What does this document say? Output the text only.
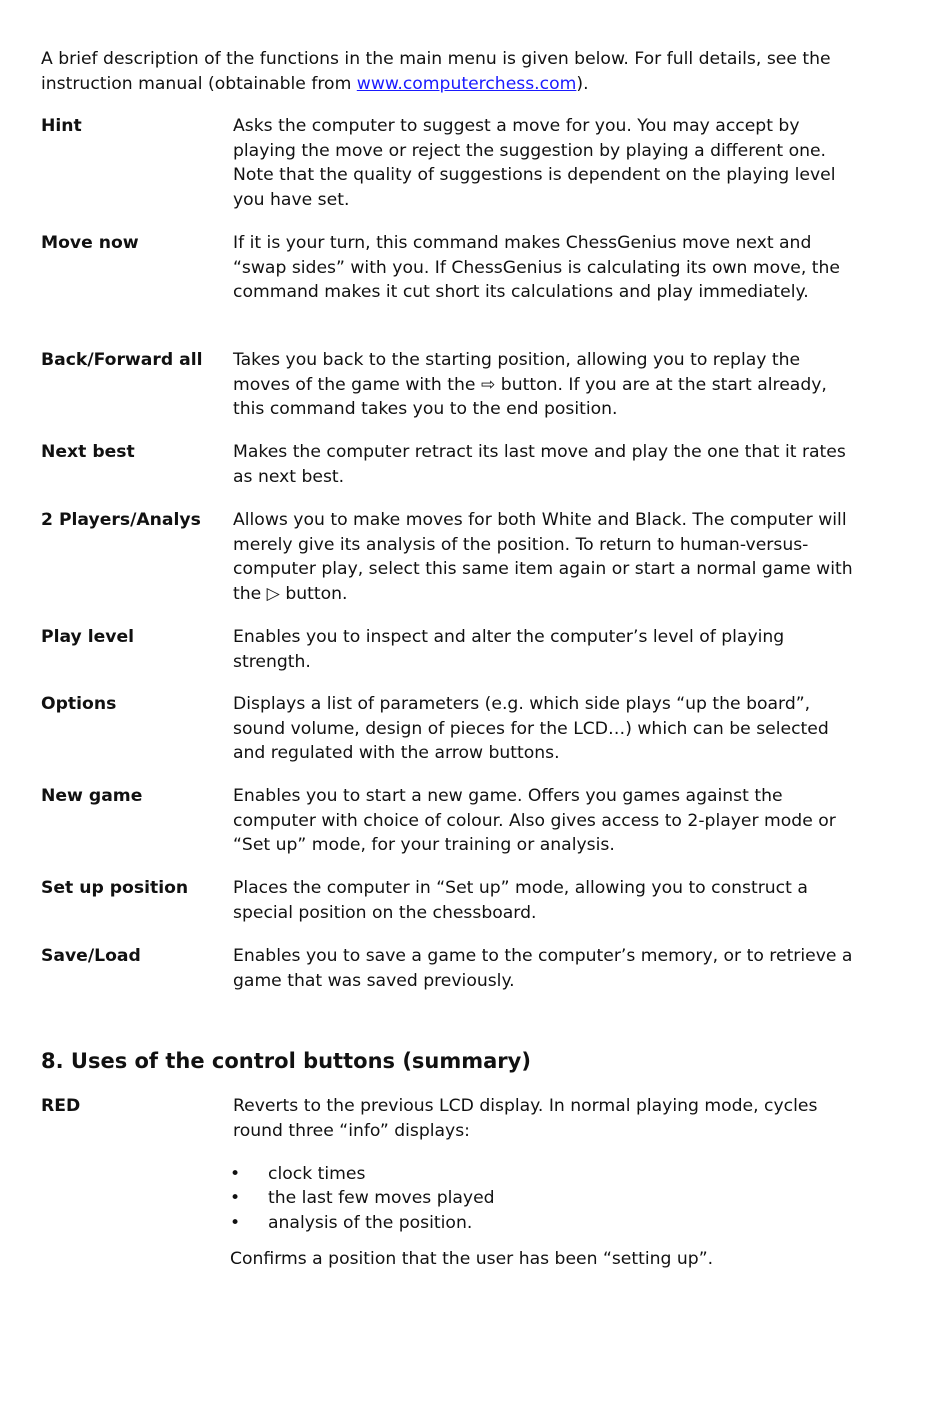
A brief description of the functions in the main menu is given below. For full details, see the instruction manual (obtainable from www.computerchess.com).

Hint	Asks the computer to suggest a move for you. You may accept by playing the move or reject the suggestion by playing a different one. Note that the quality of suggestions is dependent on the playing level you have set.
Move now	If it is your turn, this command makes ChessGenius move next and “swap sides” with you. If ChessGenius is calculating its own move, the command makes it cut short its calculations and play immediately.
Back/Forward all	Takes you back to the starting position, allowing you to replay the moves of the game with the ⇨ button. If you are at the start already, this command takes you to the end position.
Next best	Makes the computer retract its last move and play the one that it rates as next best.
2 Players/Analys	Allows you to make moves for both White and Black. The computer will merely give its analysis of the position. To return to human-versus-computer play, select this same item again or start a normal game with the ▷ button.
Play level	Enables you to inspect and alter the computer’s level of playing strength.
Options	Displays a list of parameters (e.g. which side plays “up the board”, sound volume, design of pieces for the LCD…) which can be selected and regulated with the arrow buttons.
New game	Enables you to start a new game. Offers you games against the computer with choice of colour. Also gives access to 2-player mode or “Set up” mode, for your training or analysis.
Set up position	Places the computer in “Set up” mode, allowing you to construct a special position on the chessboard.
Save/Load	Enables you to save a game to the computer’s memory, or to retrieve a game that was saved previously.
8. Uses of the control buttons (summary)
RED	Reverts to the previous LCD display. In normal playing mode, cycles round three “info” displays:
• clock times
• the last few moves played
• analysis of the position.

Confirms a position that the user has been “setting up”.
